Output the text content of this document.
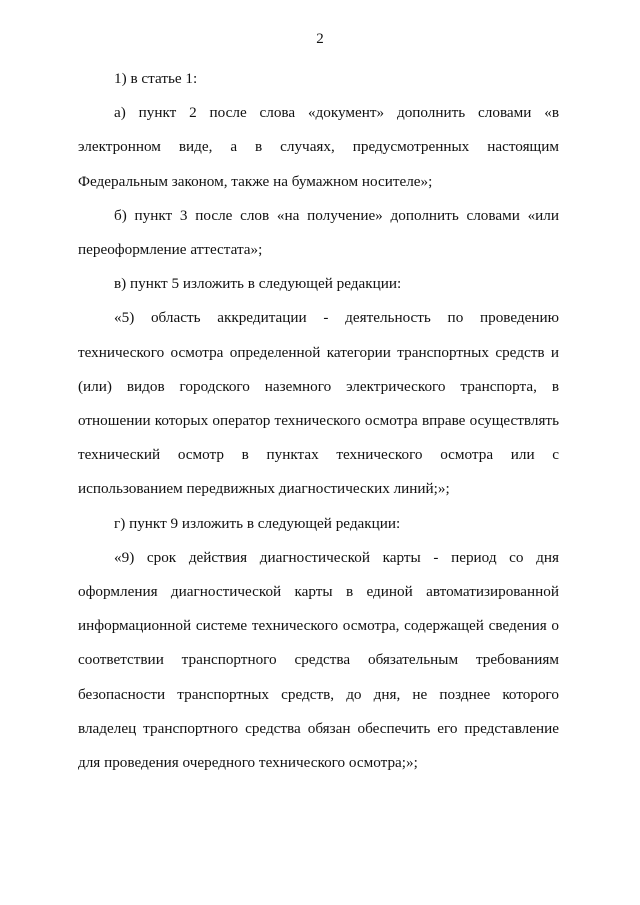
2

1) в статье 1:

а) пункт 2 после слова «документ» дополнить словами «в электронном виде, а в случаях, предусмотренных настоящим Федеральным законом, также на бумажном носителе»;

б) пункт 3 после слов «на получение» дополнить словами «или переоформление аттестата»;

в) пункт 5 изложить в следующей редакции:

«5) область аккредитации - деятельность по проведению технического осмотра определенной категории транспортных средств и (или) видов городского наземного электрического транспорта, в отношении которых оператор технического осмотра вправе осуществлять технический осмотр в пунктах технического осмотра или с использованием передвижных диагностических линий;»;

г) пункт 9 изложить в следующей редакции:

«9) срок действия диагностической карты - период со дня оформления диагностической карты в единой автоматизированной информационной системе технического осмотра, содержащей сведения о соответствии транспортного средства обязательным требованиям безопасности транспортных средств, до дня, не позднее которого владелец транспортного средства обязан обеспечить его представление для проведения очередного технического осмотра;»;
